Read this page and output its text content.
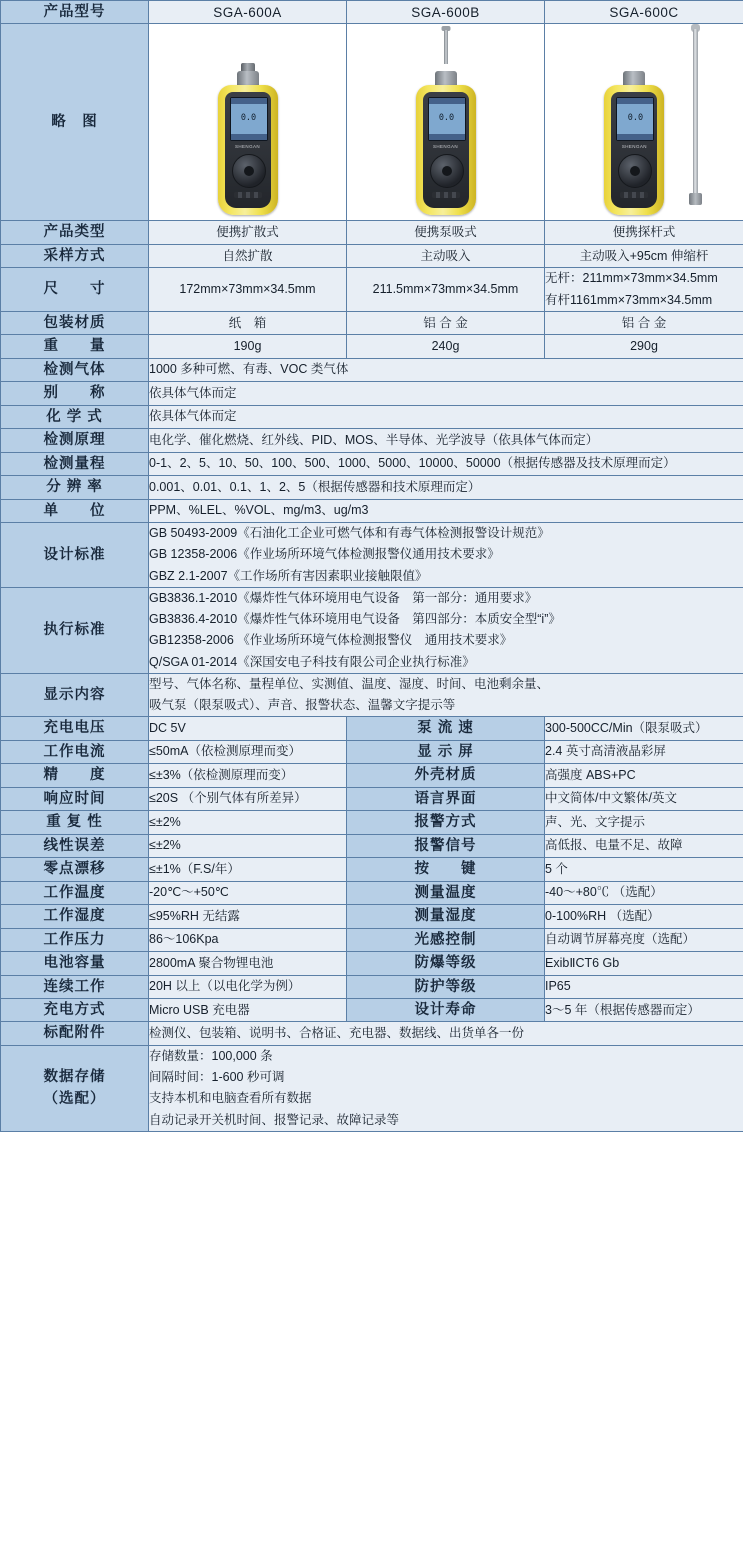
产品型号	SGA-600A	SGA-600B	SGA-600C
略　图	0.0
SHENGAN

0.0
SHENGAN

0.0
SHENGAN

产品类型	便携扩散式	便携泵吸式	便携探杆式
采样方式	自然扩散	主动吸入	主动吸入+95cm 伸缩杆
尺　　寸	172mm×73mm×34.5mm	211.5mm×73mm×34.5mm	无杆：211mm×73mm×34.5mm
有杆1161mm×73mm×34.5mm

包装材质	纸　箱	铝 合 金	铝 合 金
重　　量	190g	240g	290g
检测气体	1000 多种可燃、有毒、VOC 类气体		
别　　称	依具体气体而定		
化 学 式	依具体气体而定		
检测原理	电化学、催化燃烧、红外线、PID、MOS、半导体、光学波导（依具体气体而定）		
检测量程	0-1、2、5、10、50、100、500、1000、5000、10000、50000（根据传感器及技术原理而定）		
分 辨 率	0.001、0.01、0.1、1、2、5（根据传感器和技术原理而定）		
单　　位	PPM、%LEL、%VOL、mg/m3、ug/m3		
设计标准	GB 50493-2009《石油化工企业可燃气体和有毒气体检测报警设计规范》
GB 12358-2006《作业场所环境气体检测报警仪通用技术要求》
GBZ 2.1-2007《工作场所有害因素职业接触限值》		

执行标准	GB3836.1-2010《爆炸性气体环境用电气设备　第一部分：通用要求》
GB3836.4-2010《爆炸性气体环境用电气设备　第四部分：本质安全型“i”》
GB12358-2006 《作业场所环境气体检测报警仪　通用技术要求》
Q/SGA 01-2014《深国安电子科技有限公司企业执行标准》		

显示内容	型号、气体名称、量程单位、实测值、温度、湿度、时间、电池剩余量、
吸气泵（限泵吸式）、声音、报警状态、温馨文字提示等		

充电电压	DC 5V	泵 流 速	300-500CC/Min（限泵吸式）
工作电流	≤50mA（依检测原理而变）	显 示 屏	2.4 英寸高清液晶彩屏
精　　度	≤±3%（依检测原理而变）	外壳材质	高强度 ABS+PC
响应时间	≤20S （个别气体有所差异）	语言界面	中文简体/中文繁体/英文
重 复 性	≤±2%	报警方式	声、光、文字提示
线性误差	≤±2%	报警信号	高低报、电量不足、故障
零点漂移	≤±1%（F.S/年）	按　　键	5 个
工作温度	-20℃～+50℃	测量温度	-40～+80℃ （选配）
工作湿度	≤95%RH 无结露	测量湿度	0-100%RH （选配）
工作压力	86～106Kpa	光感控制	自动调节屏幕亮度（选配）
电池容量	2800mA 聚合物锂电池	防爆等级	ExibⅡCT6 Gb
连续工作	20H 以上（以电化学为例）	防护等级	IP65
充电方式	Micro USB 充电器	设计寿命	3～5 年（根据传感器而定）
标配附件	检测仪、包装箱、说明书、合格证、充电器、数据线、出货单各一份		
数据存储
（选配）	存储数量：100,000 条
间隔时间：1-600 秒可调
支持本机和电脑查看所有数据
自动记录开关机时间、报警记录、故障记录等		
